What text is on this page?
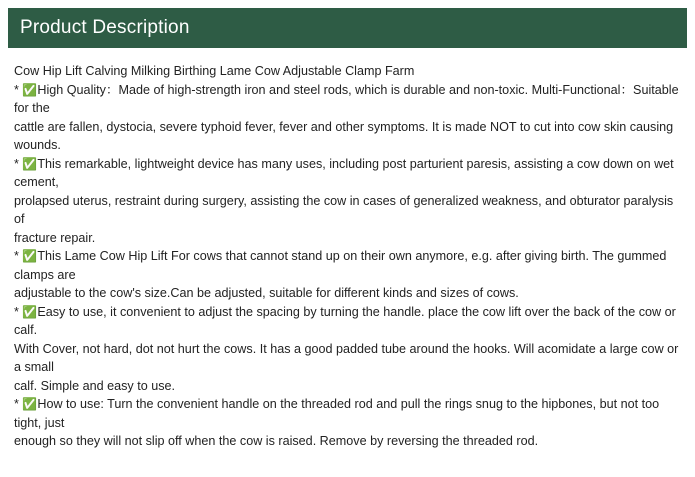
Product Description
Cow Hip Lift Calving Milking Birthing Lame Cow Adjustable Clamp Farm
* ✅High Quality：Made of high-strength iron and steel rods, which is durable and non-toxic. Multi-Functional：Suitable for the
cattle are fallen, dystocia, severe typhoid fever, fever and other symptoms. It is made NOT to cut into cow skin causing wounds.
* ✅This remarkable, lightweight device has many uses, including post parturient paresis, assisting a cow down on wet cement,
prolapsed uterus, restraint during surgery, assisting the cow in cases of generalized weakness, and obturator paralysis of
fracture repair.
* ✅This Lame Cow Hip Lift For cows that cannot stand up on their own anymore, e.g. after giving birth. The gummed clamps are
adjustable to the cow's size.Can be adjusted, suitable for different kinds and sizes of cows.
* ✅Easy to use, it convenient to adjust the spacing by turning the handle. place the cow lift over the back of the cow or calf.
With Cover, not hard, dot not hurt the cows. It has a good padded tube around the hooks. Will acomidate a large cow or a small
calf. Simple and easy to use.
* ✅How to use: Turn the convenient handle on the threaded rod and pull the rings snug to the hipbones, but not too tight, just
enough so they will not slip off when the cow is raised. Remove by reversing the threaded rod.
